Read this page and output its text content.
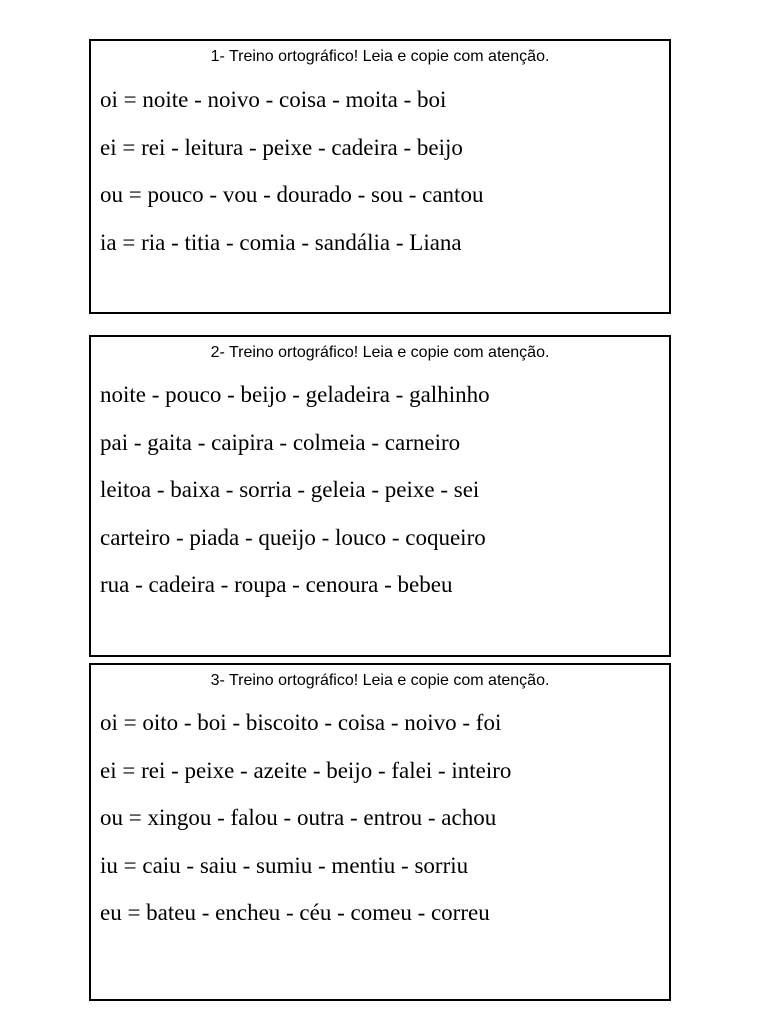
1- Treino ortográfico! Leia e copie com atenção.
oi = noite - noivo - coisa - moita - boi
ei = rei - leitura - peixe - cadeira - beijo
ou = pouco - vou - dourado - sou - cantou
ia = ria - titia - comia - sandália - Liana
2- Treino ortográfico! Leia e copie com atenção.
noite - pouco - beijo - geladeira - galhinho
pai - gaita - caipira - colmeia - carneiro
leitoa - baixa - sorria - geleia - peixe - sei
carteiro - piada - queijo - louco - coqueiro
rua - cadeira - roupa - cenoura - bebeu
3- Treino ortográfico! Leia e copie com atenção.
oi = oito - boi - biscoito - coisa - noivo - foi
ei = rei - peixe - azeite - beijo - falei - inteiro
ou = xingou - falou - outra - entrou - achou
iu = caiu - saiu - sumiu - mentiu - sorriu
eu = bateu - encheu - céu - comeu - correu
